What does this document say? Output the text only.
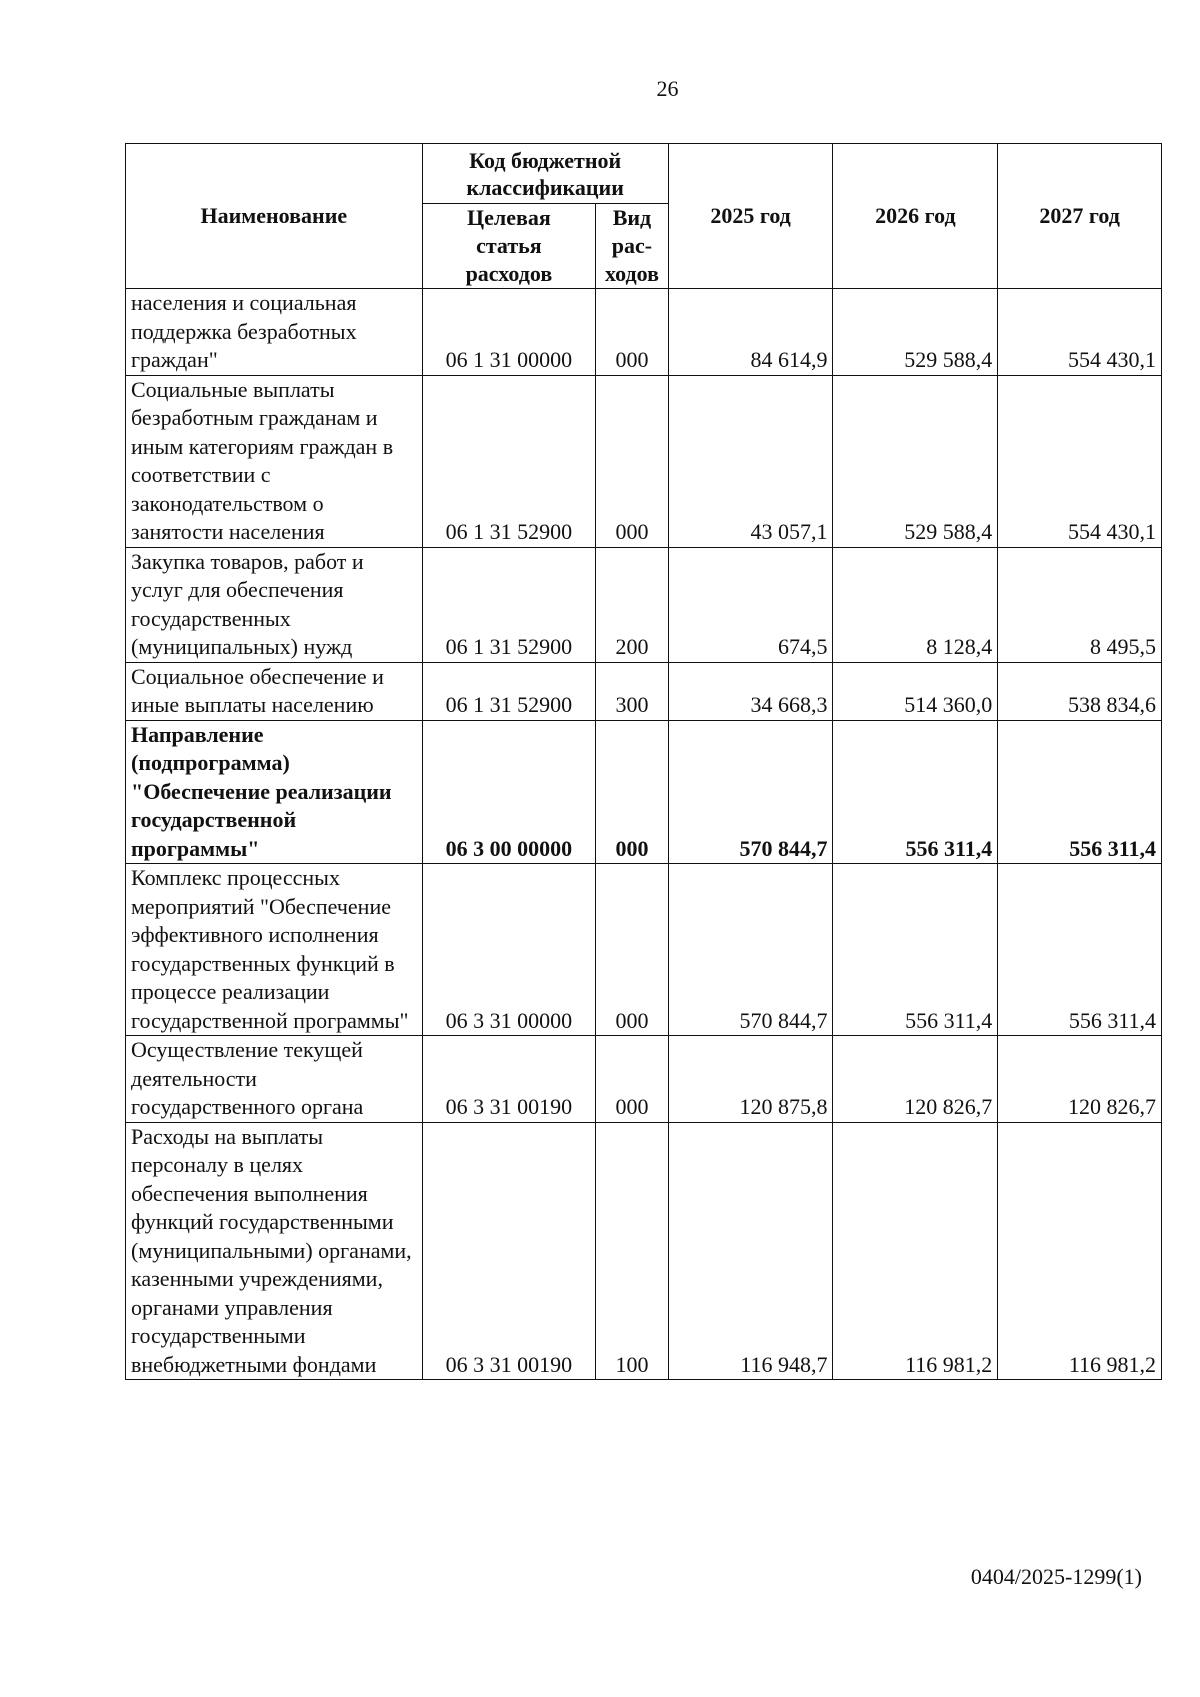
26
Наименование	Код бюджетной классификации		2025 год	2026 год	2027 год
	Целевая статья расходов	Вид рас-ходов			
населения и социальная поддержка безработных граждан"	06 1 31 00000	000	84 614,9	529 588,4	554 430,1
Социальные выплаты безработным гражданам и иным категориям граждан в соответствии с законодательством о занятости населения	06 1 31 52900	000	43 057,1	529 588,4	554 430,1
Закупка товаров, работ и услуг для обеспечения государственных (муниципальных) нужд	06 1 31 52900	200	674,5	8 128,4	8 495,5
Социальное обеспечение и иные выплаты населению	06 1 31 52900	300	34 668,3	514 360,0	538 834,6
Направление (подпрограмма) "Обеспечение реализации государственной программы"	06 3 00 00000	000	570 844,7	556 311,4	556 311,4
Комплекс процессных мероприятий "Обеспечение эффективного исполнения государственных функций в процессе реализации государственной программы"	06 3 31 00000	000	570 844,7	556 311,4	556 311,4
Осуществление текущей деятельности государственного органа	06 3 31 00190	000	120 875,8	120 826,7	120 826,7
Расходы на выплаты персоналу в целях обеспечения выполнения функций государственными (муниципальными) органами, казенными учреждениями, органами управления государственными внебюджетными фондами	06 3 31 00190	100	116 948,7	116 981,2	116 981,2
0404/2025-1299(1)
